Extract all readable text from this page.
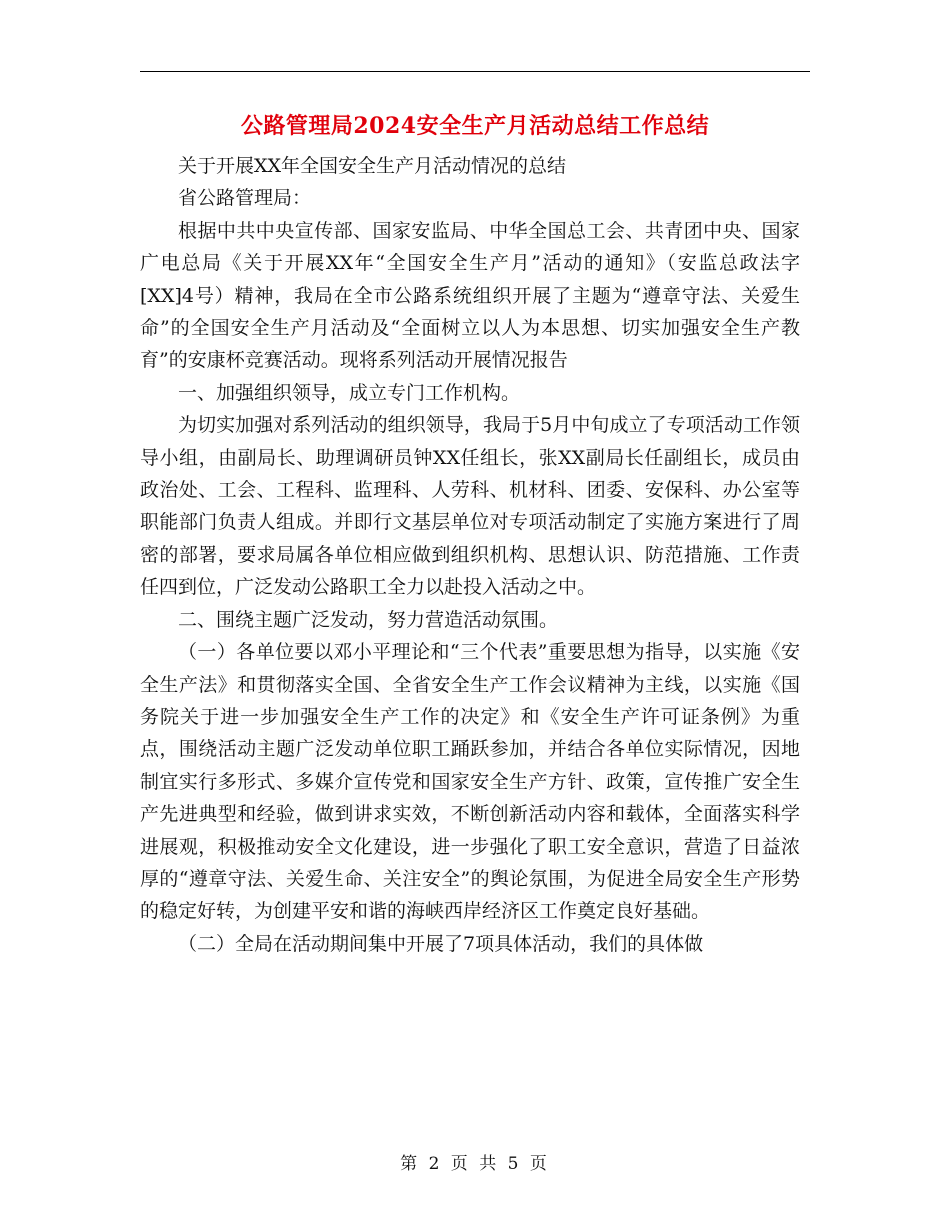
公路管理局2024安全生产月活动总结工作总结

关于开展XX年全国安全生产月活动情况的总结

省公路管理局：

根据中共中央宣传部、国家安监局、中华全国总工会、共青团中央、国家广电总局《关于开展XX年“全国安全生产月”活动的通知》（安监总政法字[XX]4号）精神，我局在全市公路系统组织开展了主题为“遵章守法、关爱生命”的全国安全生产月活动及“全面树立以人为本思想、切实加强安全生产教育”的安康杯竞赛活动。现将系列活动开展情况报告

一、加强组织领导，成立专门工作机构。

为切实加强对系列活动的组织领导，我局于5月中旬成立了专项活动工作领导小组，由副局长、助理调研员钟XX任组长，张XX副局长任副组长，成员由政治处、工会、工程科、监理科、人劳科、机材科、团委、安保科、办公室等职能部门负责人组成。并即行文基层单位对专项活动制定了实施方案进行了周密的部署，要求局属各单位相应做到组织机构、思想认识、防范措施、工作责任四到位，广泛发动公路职工全力以赴投入活动之中。

二、围绕主题广泛发动，努力营造活动氛围。

（一）各单位要以邓小平理论和“三个代表”重要思想为指导，以实施《安全生产法》和贯彻落实全国、全省安全生产工作会议精神为主线，以实施《国务院关于进一步加强安全生产工作的决定》和《安全生产许可证条例》为重点，围绕活动主题广泛发动单位职工踊跃参加，并结合各单位实际情况，因地制宜实行多形式、多媒介宣传党和国家安全生产方针、政策，宣传推广安全生产先进典型和经验，做到讲求实效，不断创新活动内容和载体，全面落实科学进展观，积极推动安全文化建设，进一步强化了职工安全意识，营造了日益浓厚的“遵章守法、关爱生命、关注安全”的舆论氛围，为促进全局安全生产形势的稳定好转，为创建平安和谐的海峡西岸经济区工作奠定良好基础。

（二）全局在活动期间集中开展了7项具体活动，我们的具体做

第 2 页 共 5 页
